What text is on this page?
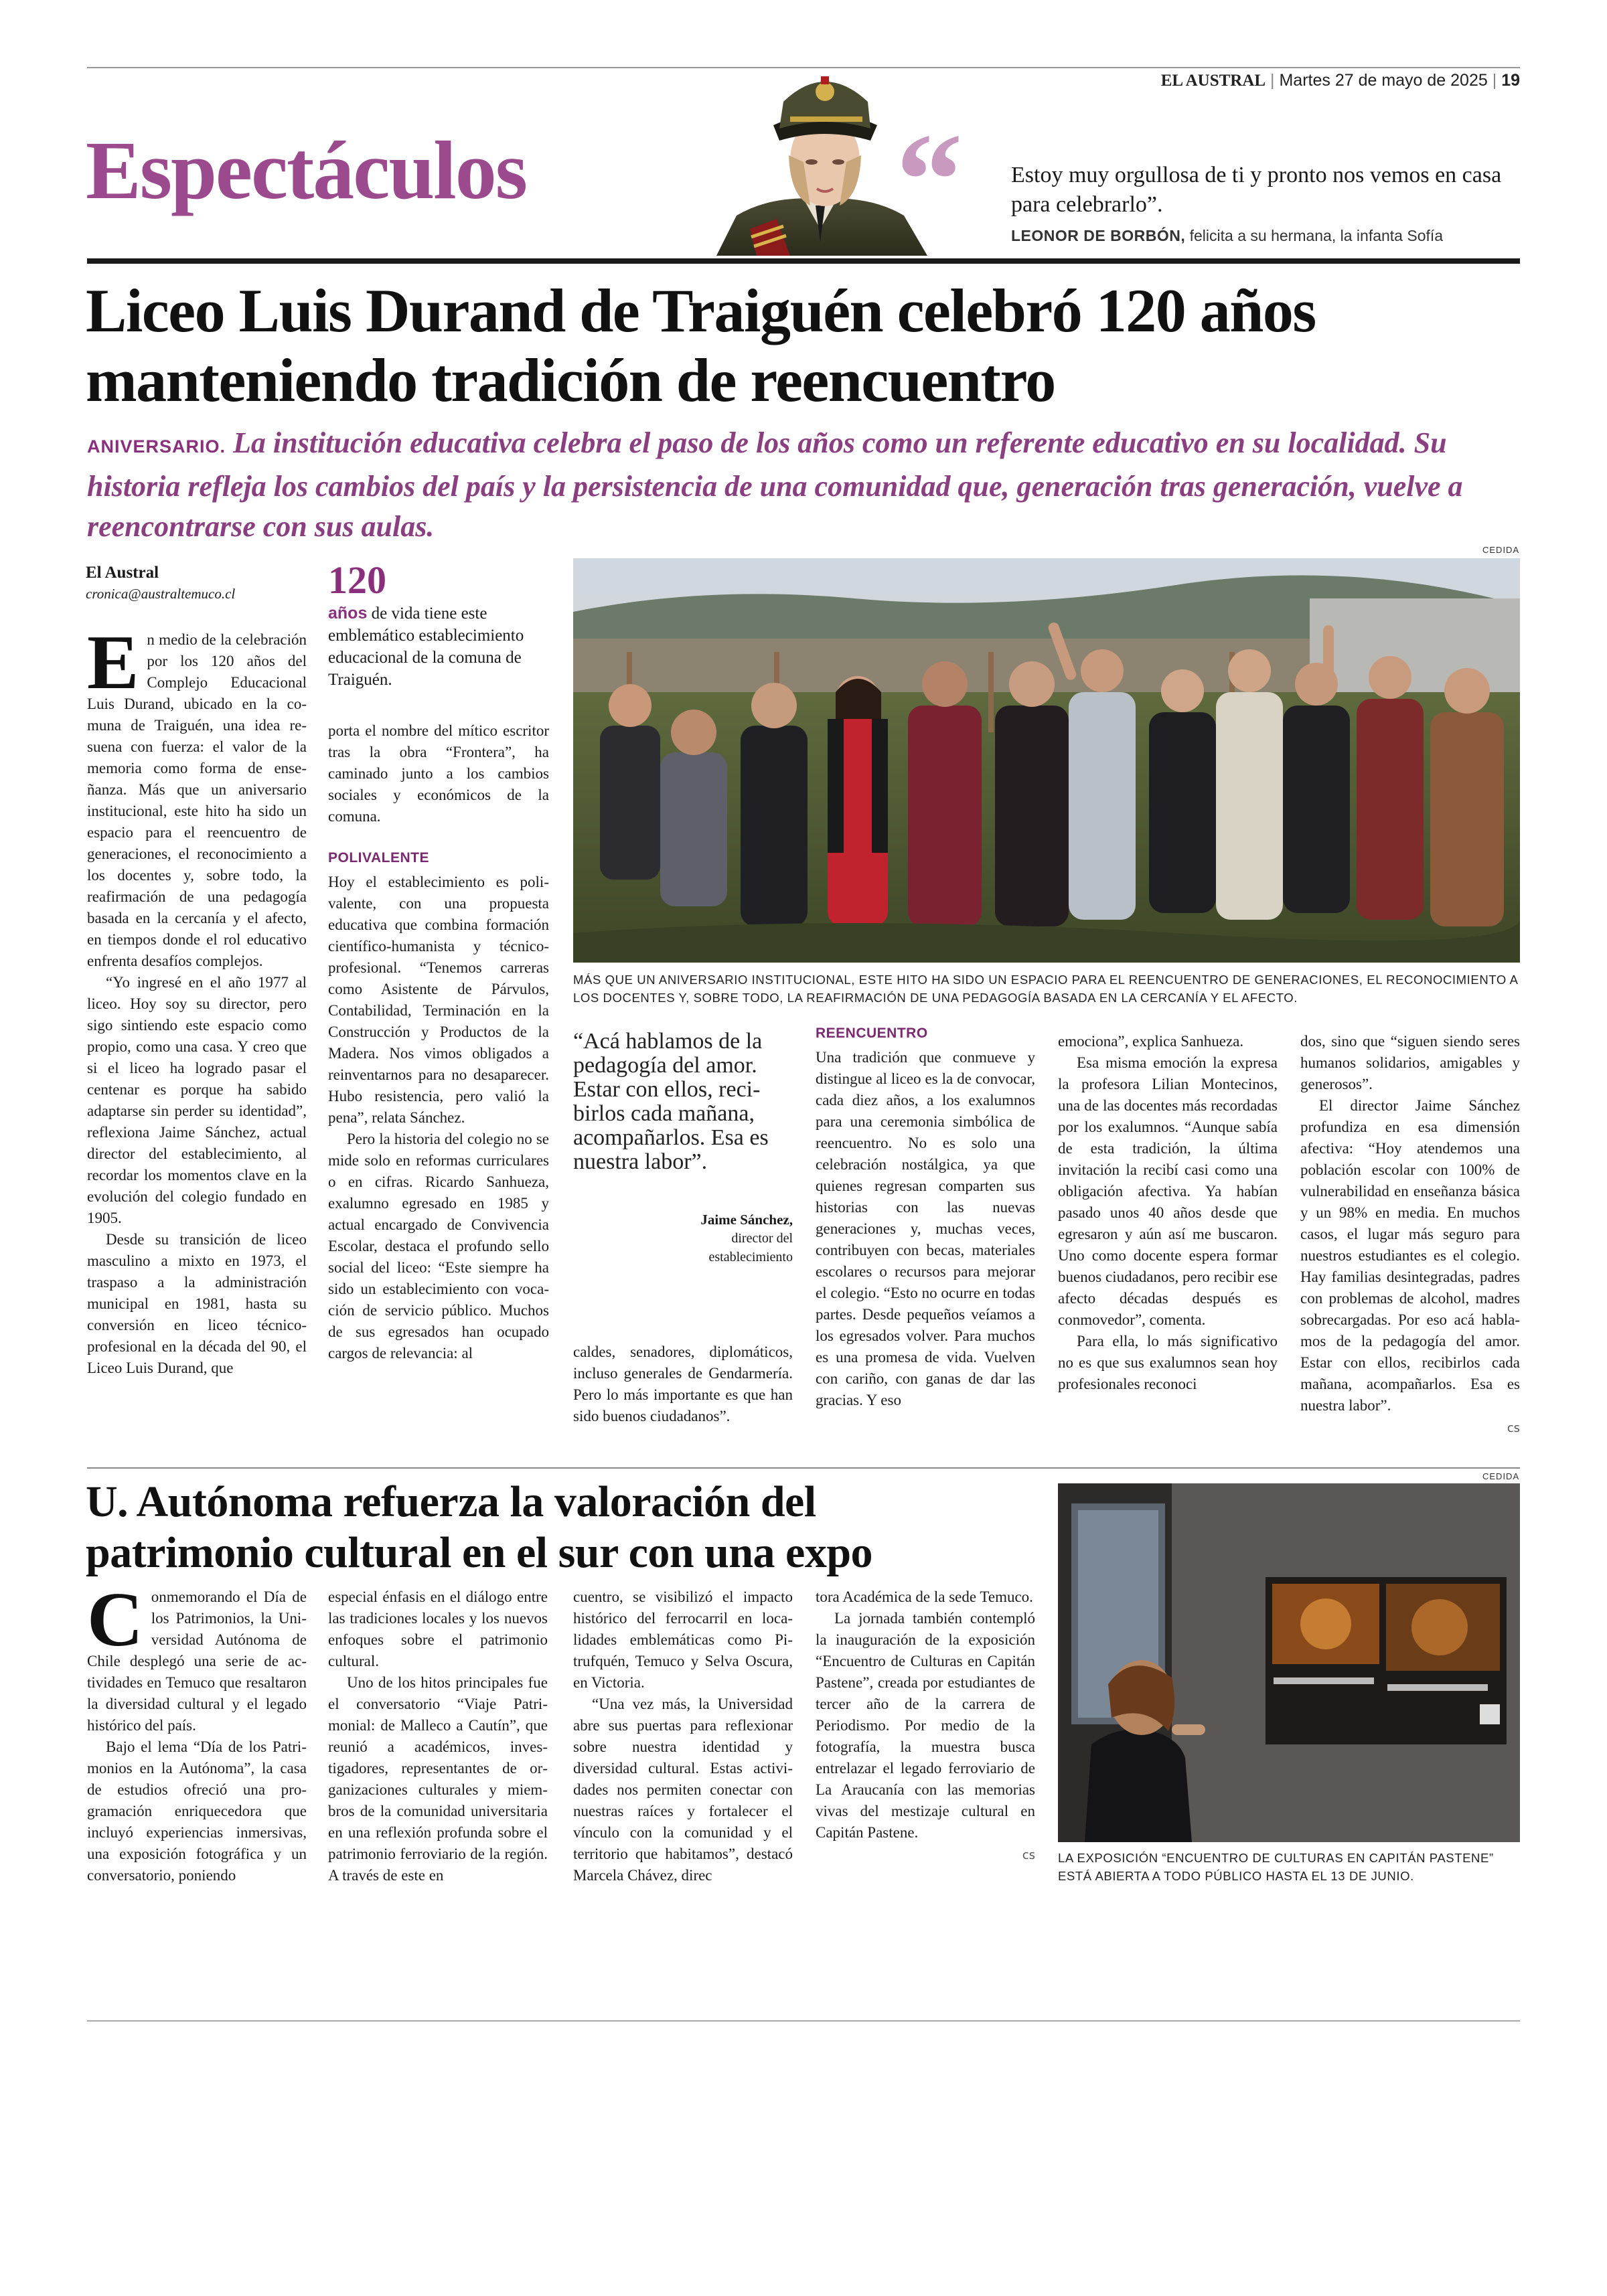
EL AUSTRAL | Martes 27 de mayo de 2025 | 19
Espectáculos	“ Estoy muy orgullosa de ti y pronto nos vemos en casa para celebrarlo”.
LEONOR DE BORBÓN, felicita a su hermana, la infanta Sofía
Liceo Luis Durand de Traiguén celebró 120 años manteniendo tradición de reencuentro
ANIVERSARIO. La institución educativa celebra el paso de los años como un referente educativo en su localidad. Su historia refleja los cambios del país y la persistencia de una comunidad que, generación tras generación, vuelve a reencontrarse con sus aulas.
El Austral
cronica@australtemuco.cl 120
años de vida tiene este emblemático establecimiento educacional de la comuna de Traiguén.
CEDIDA
MÁS QUE UN ANIVERSARIO INSTITUCIONAL, ESTE HITO HA SIDO UN ESPACIO PARA EL REENCUENTRO DE GENERACIONES, EL RECONOCIMIENTO A LOS DOCENTES Y, SOBRE TODO, LA REAFIRMACIÓN DE UNA PEDAGOGÍA BASADA EN LA CERCANÍA Y EL AFECTO.

E n medio de la celebración por los 120 años del Complejo Educacional Luis Durand, ubicado en la comuna de Traiguén, una idea resuena con fuerza: el valor de la memoria como forma de enseñanza. Más que un aniversario institucional, este hito ha sido un espacio para el reencuentro de generaciones, el reconocimiento a los docentes y, sobre todo, la reafirmación de una pedagogía basada en la cercanía y el afecto, en tiempos donde el rol educativo enfrenta desafíos complejos.

“Yo ingresé en el año 1977 al liceo. Hoy soy su director, pero sigo sintiendo este espacio como propio, como una casa. Y creo que si el liceo ha logrado pasar el centenar es porque ha sabido adaptarse sin perder su identidad”, reflexiona Jaime Sánchez, actual director del establecimiento, al recordar los momentos clave en la evolución del colegio fundado en 1905.

Desde su transición de liceo masculino a mixto en 1973, el traspaso a la administración municipal en 1981, hasta su conversión en liceo técnico-profesional en la década del 90, el Liceo Luis Durand, que

porta el nombre del mítico escritor tras la obra “Frontera”, ha caminado junto a los cambios sociales y económicos de la comuna.

POLIVALENTE

Hoy el establecimiento es polivalente, con una propuesta educativa que combina formación científico-humanista y técnico-profesional. “Tenemos carreras como Asistente de Párvulos, Contabilidad, Terminación en la Construcción y Productos de la Madera. Nos vimos obligados a reinventarnos para no desaparecer. Hubo resistencia, pero valió la pena”, relata Sánchez.

Pero la historia del colegio no se mide solo en reformas curriculares o en cifras. Ricardo Sanhueza, exalumno egresado en 1985 y actual encargado de Convivencia Escolar, destaca el profundo sello social del liceo: “Este siempre ha sido un establecimiento con vocación de servicio público. Muchos de sus egresados han ocupado cargos de relevancia: al

“Acá hablamos de la pedagogía del amor. Estar con ellos, recibirlos cada mañana, acompañarlos. Esa es nuestra labor”.
Jaime Sánchez,
director del establecimiento

caldes, senadores, diplomáticos, incluso generales de Gendarmería. Pero lo más importante es que han sido buenos ciudadanos”.

REENCUENTRO

Una tradición que conmueve y distingue al liceo es la de convocar, cada diez años, a los exalumnos para una ceremonia simbólica de reencuentro. No es solo una celebración nostálgica, ya que quienes regresan comparten sus historias con las nuevas generaciones y, muchas veces, contribuyen con becas, materiales escolares o recursos para mejorar el colegio. “Esto no ocurre en todas partes. Desde pequeños veíamos a los egresados volver. Para muchos es una promesa de vida. Vuelven con cariño, con ganas de dar las gracias. Y eso

emociona”, explica Sanhueza.

Esa misma emoción la expresa la profesora Lilian Montecinos, una de las docentes más recordadas por los exalumnos. “Aunque sabía de esta tradición, la última invitación la recibí casi como una obligación afectiva. Ya habían pasado unos 40 años desde que egresaron y aún así me buscaron. Uno como docente espera formar buenos ciudadanos, pero recibir ese afecto décadas después es conmovedor”, comenta.

Para ella, lo más significativo no es que sus exalumnos sean hoy profesionales reconoci

dos, sino que “siguen siendo seres humanos solidarios, amigables y generosos”.

El director Jaime Sánchez profundiza en esa dimensión afectiva: “Hoy atendemos una población escolar con 100% de vulnerabilidad en enseñanza básica y un 98% en media. En muchos casos, el lugar más seguro para nuestros estudiantes es el colegio. Hay familias desintegradas, padres con problemas de alcohol, madres sobrecargadas. Por eso acá hablamos de la pedagogía del amor. Estar con ellos, recibirlos cada mañana, acompañarlos. Esa es nuestra labor”.

cs
U. Autónoma refuerza la valoración del patrimonio cultural en el sur con una expo
CEDIDA
LA EXPOSICIÓN “ENCUENTRO DE CULTURAS EN CAPITÁN PASTENE” ESTÁ ABIERTA A TODO PÚBLICO HASTA EL 13 DE JUNIO.

C onmemorando el Día de los Patrimonios, la Universidad Autónoma de Chile desplegó una serie de actividades en Temuco que resaltaron la diversidad cultural y el legado histórico del país.

Bajo el lema “Día de los Patrimonios en la Autónoma”, la casa de estudios ofreció una programación enriquecedora que incluyó experiencias inmersivas, una exposición fotográfica y un conversatorio, poniendo

especial énfasis en el diálogo entre las tradiciones locales y los nuevos enfoques sobre el patrimonio cultural.

Uno de los hitos principales fue el conversatorio “Viaje Patrimonial: de Malleco a Cautín”, que reunió a académicos, investigadores, representantes de organizaciones culturales y miembros de la comunidad universitaria en una reflexión profunda sobre el patrimonio ferroviario de la región. A través de este en

cuentro, se visibilizó el impacto histórico del ferrocarril en localidades emblemáticas como Pitrufquén, Temuco y Selva Oscura, en Victoria.

“Una vez más, la Universidad abre sus puertas para reflexionar sobre nuestra identidad y diversidad cultural. Estas actividades nos permiten conectar con nuestras raíces y fortalecer el vínculo con la comunidad y el territorio que habitamos”, destacó Marcela Chávez, direc

tora Académica de la sede Temuco.

La jornada también contempló la inauguración de la exposición “Encuentro de Culturas en Capitán Pastene”, creada por estudiantes de tercer año de la carrera de Periodismo. Por medio de la fotografía, la muestra busca entrelazar el legado ferroviario de La Araucanía con las memorias vivas del mestizaje cultural en Capitán Pastene.

cs
